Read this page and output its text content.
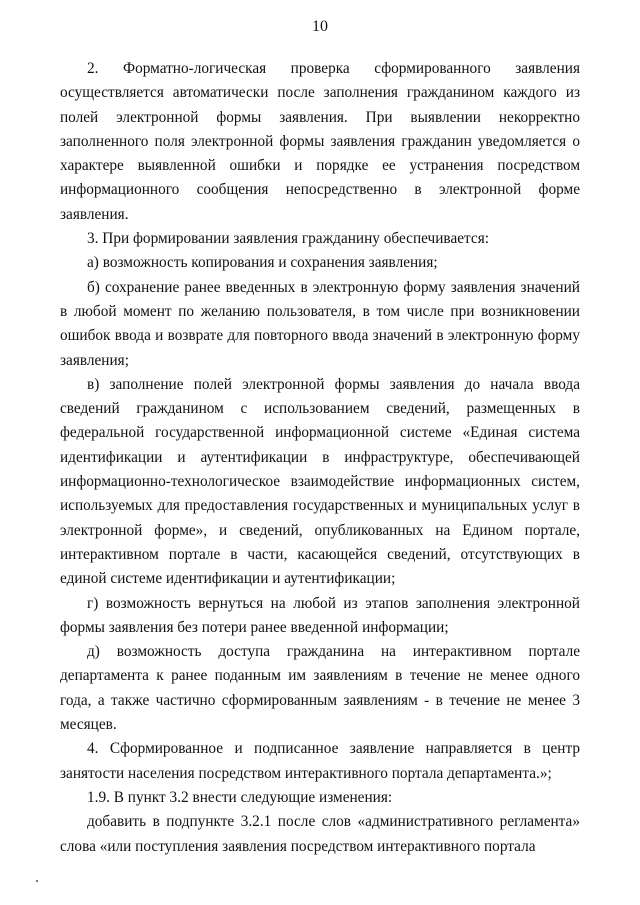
10

2. Форматно-логическая проверка сформированного заявления осуществляется автоматически после заполнения гражданином каждого из полей электронной формы заявления. При выявлении некорректно заполненного поля электронной формы заявления гражданин уведомляется о характере выявленной ошибки и порядке ее устранения посредством информационного сообщения непосредственно в электронной форме заявления.

3. При формировании заявления гражданину обеспечивается:

а) возможность копирования и сохранения заявления;

б) сохранение ранее введенных в электронную форму заявления значений в любой момент по желанию пользователя, в том числе при возникновении ошибок ввода и возврате для повторного ввода значений в электронную форму заявления;

в) заполнение полей электронной формы заявления до начала ввода сведений гражданином с использованием сведений, размещенных в федеральной государственной информационной системе «Единая система идентификации и аутентификации в инфраструктуре, обеспечивающей информационно-технологическое взаимодействие информационных систем, используемых для предоставления государственных и муниципальных услуг в электронной форме», и сведений, опубликованных на Едином портале, интерактивном портале в части, касающейся сведений, отсутствующих в единой системе идентификации и аутентификации;

г) возможность вернуться на любой из этапов заполнения электронной формы заявления без потери ранее введенной информации;

д) возможность доступа гражданина на интерактивном портале департамента к ранее поданным им заявлениям в течение не менее одного года, а также частично сформированным заявлениям - в течение не менее 3 месяцев.

4. Сформированное и подписанное заявление направляется в центр занятости населения посредством интерактивного портала департамента.»;

1.9. В пункт 3.2 внести следующие изменения:

добавить в подпункте 3.2.1 после слов «административного регламента» слова «или поступления заявления посредством интерактивного портала
